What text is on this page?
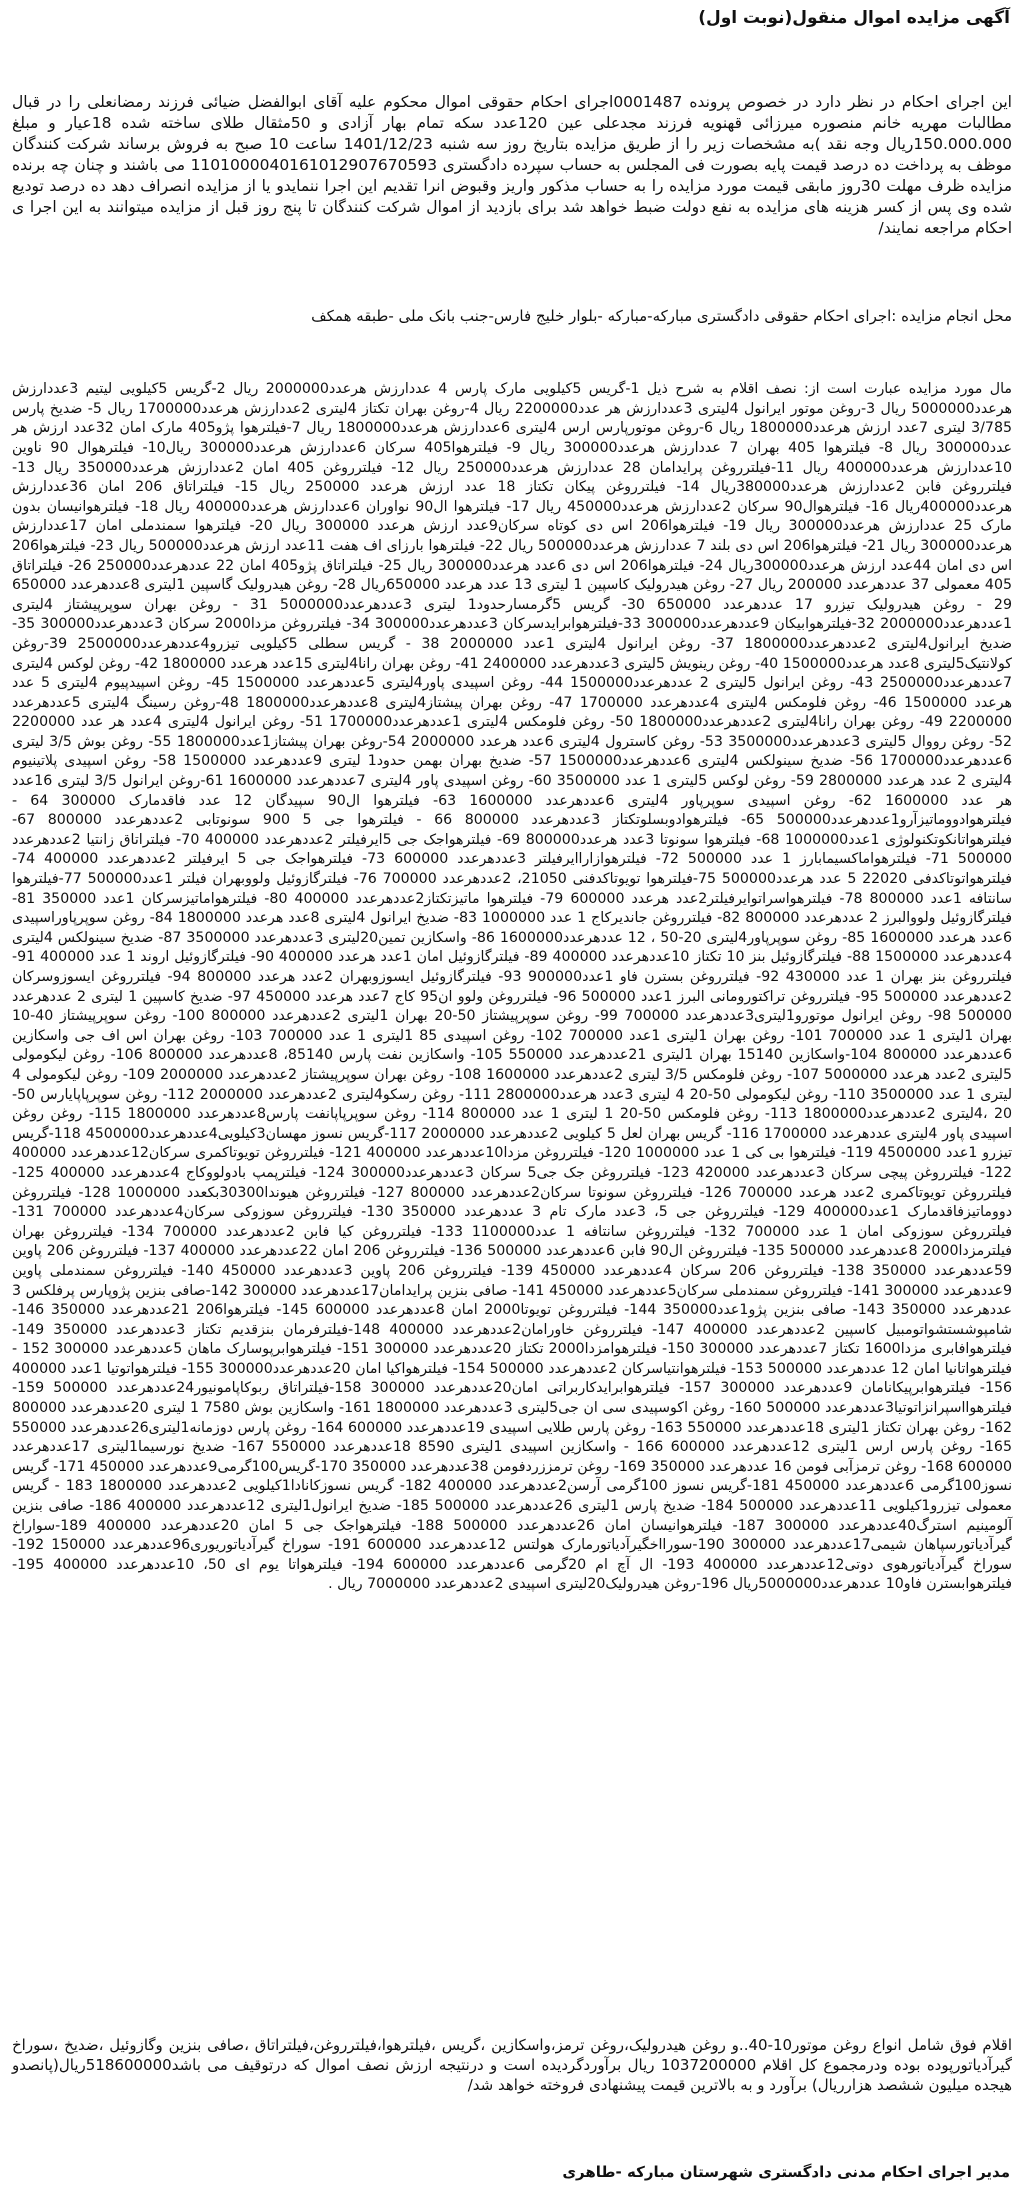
آگهی مزایده اموال منقول(نوبت اول)

این اجرای احکام در نظر دارد در خصوص پرونده 0001487اجرای احکام حقوقی اموال محکوم علیه آقای ابوالفضل ضیائی فرزند رمضانعلی را در قبال مطالبات مهریه خانم منصوره میرزائی قهنویه فرزند مجدعلی عین 120عدد سکه تمام بهار آزادی و 50مثقال طلای ساخته شده 18عیار و مبلغ 150.000.000ریال وجه نقد )به مشخصات زیر را از طریق مزایده بتاریخ روز سه شنبه 1401/12/23 ساعت 10 صبح به فروش برساند شرکت کنندگان موظف به پرداخت ده درصد قیمت پایه بصورت فی المجلس به حساب سپرده دادگستری 1101000040161012907670593 می باشند و چنان چه برنده مزایده ظرف مهلت 30روز مابقی قیمت مورد مزایده را به حساب مذکور واریز وقبوض انرا تقدیم این اجرا ننمایدو یا از مزایده انصراف دهد ده درصد تودیع شده وی پس از کسر هزینه های مزایده به نفع دولت ضبط خواهد شد برای بازدید از اموال شرکت کنندگان تا پنج روز قبل از مزایده میتوانند به این اجرا ی احکام مراجعه نمایند/

محل انجام مزایده :اجرای احکام حقوقی دادگستری مبارکه-مبارکه -بلوار خلیج فارس-جنب بانک ملی -طبقه همکف

مال مورد مزایده عبارت است از: نصف اقلام به شرح ذیل 1-گریس 5کیلویی مارک پارس 4 عددارزش هرعدد2000000 ریال 2-گریس 5کیلویی لیتیم 3عددارزش هرعدد5000000 ریال 3-روغن موتور ایرانول 4لیتری 3عددارزش هر عدد2200000 ریال 4-روغن بهران تکتاز 4لیتری 2عددارزش هرعدد1700000 ریال 5- ضدیخ پارس 3/785 لیتری 7عدد ارزش هرعدد1800000 ریال 6-روغن موتورپارس ارس 4لیتری 6عددارزش هرعدد1800000 ریال 7-فیلترهوا پژو405 مارک امان 32عدد ارزش هر عدد300000 ریال 8- فیلترهوا 405 بهران 7 عددارزش هرعدد300000 ریال 9- فیلترهوا405 سرکان 6عددارزش هرعدد300000 ریال10- فیلترهوال 90 ناوین 10عددارزش هرعدد400000 ریال 11-فیلترروغن پرایدامان 28 عددارزش هرعدد250000 ریال 12- فیلترروغن 405 امان 2عددارزش هرعدد350000 ریال 13- فیلترروغن فابن 2عددارزش هرعدد380000ریال 14- فیلترروغن پیکان تکتاز 18 عدد ارزش هرعدد 250000 ریال 15- فیلتراتاق 206 امان 36عددارزش هرعدد400000ریال 16- فیلترهوال90 سرکان 2عددارزش هرعدد450000 ریال 17- فیلترهوا ال90 نواوران 6عددارزش هرعدد400000 ریال 18- فیلترهوانیسان بدون مارک 25 عددارزش هرعدد300000 ریال 19- فیلترهوا206 اس دی کوتاه سرکان9عدد ارزش هرعدد 300000 ریال 20- فیلترهوا سمندملی امان 17عددارزش هرعدد300000 ریال 21- فیلترهوا206 اس دی بلند 7 عددارزش هرعدد500000 ریال 22- فیلترهوا بارزای اف هفت 11عدد ارزش هرعدد500000 ریال 23- فیلترهوا206 اس دی امان 44عدد ارزش هرعدد300000ریال 24- فیلترهوا206 اس دی 6عدد هرعدد300000 ریال 25- فیلتراتاق پژو405 امان 22 عددهرعدد250000 26- فیلتراتاق 405 معمولی 37 عددهرعدد 200000 ریال 27- روغن هیدرولیک کاسپین 1 لیتری 13 عدد هرعدد 650000ریال 28- روغن هیدرولیک گاسپین 1لیتری 8عددهرعدد 650000 29 - روغن هیدرولیک تیزرو 17 عددهرعدد 650000 30- گریس 5گرمسارحدود1 لیتری 3عددهرعدد5000000 31 - روغن بهران سوپرپیشتاز 4لیتری 1عددهرعدد2000000 32-فیلترهوابیکان 9عددهرعدد300000 33-فیلترهوابرایدسرکان 3عددهرعدد300000 34- فیلترروغن مزدا2000 سرکان 3عددهرعدد300000 35- ضدیخ ایرانول4لیتری 2عددهرعدد1800000 37- روغن ایرانول 4لیتری 1عدد 2000000 38 - گریس سطلی 5کیلویی تیزرو4عددهرعدد2500000 39-روغن کولانتیک5لیتری 8عدد هرعدد1500000 40- روغن رینویش 5لیتری 3عددهرعدد 2400000 41- روغن بهران رانا4لیتری 15عدد هرعدد 1800000 42- روغن لوکس 4لیتری 7عددهرعدد2500000 43- روغن ایرانول 5لیتری 2 عددهرعدد1500000 44- روغن اسپیدی پاور4لیتری 5عددهرعدد 1500000 45- روغن اسپیدپیوم 4لیتری 5 عدد هرعدد 1500000 46- روغن فلومکس 4لیتری 4عددهرعدد 1700000 47- روغن بهران پیشتاز4لیتری 8عددهرعدد1800000 48-روغن رسینگ 4لیتری 5عددهرعدد 2200000 49- روغن بهران رانا4لیتری 2عددهرعدد1800000 50- روغن فلومکس 4لیتری 1عددهرعدد1700000 51- روغن ایرانول 4لیتری 4عدد هر عدد 2200000 52- روغن رووال 5لیتری 3عددهرعدد3500000 53- روغن کاسترول 4لیتری 6عدد هرعدد 2000000 54-روغن بهران پیشتاز1عدد1800000 55- روغن بوش 3/5 لیتری 6عددهرعدد1700000 56- ضدیخ سینولکس 4لیتری 6عددهرعدد1500000 57- ضدیخ بهران بهمن حدود1 لیتری 9عددهرعدد 1500000 58- روغن اسپیدی پلاتینیوم 4لیتری 2 عدد هرعدد 2800000 59- روغن لوکس 5لیتری 1 عدد 3500000 60- روغن اسپیدی پاور 4لیتری 7عددهرعدد 1600000 61-روغن ایرانول 3/5 لیتری 16عدد هر عدد 1600000 62- روغن اسپیدی سوپرپاور 4لیتری 6عددهرعدد 1600000 63- فیلترهوا ال90 سپیدگان 12 عدد فاقدمارک 300000 64 - فیلترهوادووماتیزآرو1عددهرعدد500000 65- فیلترهوادوبسلوتکتاز 3عددهرعدد 800000 66 - فیلترهوا جی 5 900 سونوتابی 2عددهرعدد 800000 67- فیلترهواتانکوتکنولوژی 1عدد1000000 68- فیلترهوا سونوتا 3عدد هرعدد800000 69- فیلترهواجک جی 5ایرفیلتر 2عددهرعدد 400000 70- فیلتراتاق زانتیا 2عددهرعدد 500000 71- فیلترهواماکسیمابارز 1 عدد 500000 72- فیلترهوازاراایرفیلتر 3عددهرعدد 600000 73- فیلترهواجک جی 5 ایرفیلتر 2عددهرعدد 400000 74- فیلترهواتوتاکدفی 22020 5 عدد هرعدد500000 75-فیلترهوا تویوتاکدفنی 21050، 2عددهرعدد 700000 76- فیلترگازوئیل ولووبهران فیلتر 1عدد500000 77-فیلترهوا سانتافه 1عدد 800000 78- فیلترهواسراتوایرفیلتر2عدد هرعدد 600000 79- فیلترهوا ماتیزتکتاز2عددهرعدد 400000 80- فیلترهواماتیزسرکان 1عدد 350000 81- فیلترگازوئیل ولووالبرز 2 عددهرعدد 800000 82- فیلترروغن جاندیرکاج 1 عدد 1000000 83- ضدیخ ایرانول 4لیتری 8عدد هرعدد 1800000 84- روغن سوپرپاوراسپیدی 6عدد هرعدد 1600000 85- روغن سوپرپاور4لیتری 20-50 ، 12 عددهرعدد1600000 86- واسکازین تمین20لیتری 3عددهرعدد 3500000 87- ضدیخ سینولکس 4لیتری 4عددهرعدد 1500000 88- فیلترگازوئیل بنز 10 تکتاز 10عددهرعدد 400000 89- فیلترگازوئیل امان 1عدد هرعدد 400000 90- فیلترگازوئیل اروند 1 عدد 400000 91- فیلترروغن بنز بهران 1 عدد 430000 92- فیلترروغن بسترن فاو 1عدد900000 93- فیلترگازوئیل ایسوزوبهران 2عدد هرعدد 800000 94- فیلترروغن ایسوزوسرکان 2عددهرعدد 500000 95- فیلترروغن تراکتورومانی البرز 1عدد 500000 96- فیلترروغن ولوو ان95 کاج 7عدد هرعدد 450000 97- ضدیخ کاسپین 1 لیتری 2 عددهرعدد 500000 98- روغن ایرانول موتورو1لیتری3عددهرعدد 700000 99- روغن سوپرپیشتاز 50-20 بهران 1لیتری 2عددهرعدد 800000 100- روغن سوپرپیشتاز 40-10 بهران 1لیتری 1 عدد 700000 101- روغن بهران 1لیتری 1عدد 700000 102- روغن اسپیدی 85 1لیتری 1 عدد 700000 103- روغن بهران اس اف جی واسکازین 6عددهرعدد 800000 104-واسکازین 15140 بهران 1لیتری 21عددهرعدد 550000 105- واسکازین نفت پارس 85140، 8عددهرعدد 800000 106- روغن لیکومولی 5لیتری 2عدد هرعدد 5000000 107- روغن فلومکس 3/5 لیتری 2عددهرعدد 1600000 108- روغن بهران سوپرپیشتاز 2عددهرعدد 2000000 109- روغن لیکومولی 4 لیتری 1 عدد 3500000 110- روغن لیکومولی 50-20 4 لیتری 3عدد هرعدد2800000 111- روغن رسکو4لیتری 2عددهرعدد 2000000 112- روغن سوپرپاپایارس 50-20 ،4لیتری 2عددهرعدد1800000 113- روغن فلومکس 50-20 1 لیتری 1 عدد 800000 114- روغن سوپرپاپانفت پارس8عددهرعدد 1800000 115- روغن روغن اسپیدی پاور 4لیتری عددهرعدد 1700000 116- گریس بهران لعل 5 کیلویی 2عددهرعدد 2000000 117-گریس نسوز مهسان3کیلویی4عددهرعدد4500000 118-گریس تیزرو 1عدد 4500000 119- فیلترهوا بی کی 1 عدد 1000000 120- فیلترروغن مزدا10عددهرعدد 400000 121- فیلترروغن تویوتاکمری سرکان12عددهرعدد 400000 122- فیلترروغن پیچی سرکان 3عددهرعدد 420000 123- فیلترروغن جک جی5 سرکان 3عددهرعدد300000 124- فیلترپمپ بادولووکاج 4عددهرعدد 400000 125- فیلترروغن تویوتاکمری 2عدد هرعدد 700000 126- فیلترروغن سونوتا سرکان2عددهرعدد 800000 127- فیلترروغن هیوندا30300بکعدد 1000000 128- فیلترروغن دووماتیزفاقدمارک 1عدد400000 129- فیلترروغن جی 5، 3عدد مارک تام 3 عددهرعدد 350000 130- فیلترروغن سوزوکی سرکان4عددهرعدد 700000 131- فیلترروغن سوزوکی امان 1 عدد 700000 132- فیلترروغن سانتافه 1 عدد1100000 133- فیلترروغن کیا فابن 2عددهرعدد 700000 134- فیلترروغن بهران فیلترمزدا2000 8عددهرعدد 500000 135- فیلترروغن ال90 فابن 6عددهرعدد 500000 136- فیلترروغن 206 امان 22عددهرعدد 400000 137- فیلترروغن 206 پاوین 59عددهرعدد 350000 138- فیلترروغن 206 سرکان 4عددهرعدد 450000 139- فیلترروغن 206 پاوین 3عددهرعدد 450000 140- فیلترروغن سمندملی پاوین 9عددهرعدد 300000 141- فیلترروغن سمندملی سرکان5عددهرعدد 450000 141- صافی بنزین پرایدامان17عددهرعدد 300000 142-صافی بنزین پژوپارس پرفلکس 3 عددهرعدد 350000 143- صافی بنزین پژو1عدد350000 144- فیلترروغن تویوتا2000 امان 8عددهرعدد 600000 145- فیلترهوا206 21عددهرعدد 350000 146-شامپوشستشواتومبیل کاسپین 2عددهرعدد 400000 147- فیلترروغن خاورامان2عددهرعدد 400000 148-فیلترفرمان بنزقدیم تکتاز 3عددهرعدد 350000 149- فیلترهوافابری مزدا1600 تکتاز 7عددهرعدد 300000 150- فیلترهوامزدا2000 تکتاز 20عددهرعدد 300000 151- فیلترهوابرپوسارک ماهان 5عددهرعدد 300000 152 - فیلترهواتانیا امان 12 عددهرعدد 500000 153- فیلترهوانتیاسرکان 2عددهرعدد 500000 154- فیلترهواکیا امان 20عددهرعدد300000 155- فیلترهواتوتیا 1عدد 400000 156- فیلترهوابرپیکانامان 9عددهرعدد 300000 157- فیلترهوابرایدکاربراتی امان20عددهرعدد 300000 158-فیلتراتاق ربوکاپامونیور24عددهرعدد 500000 159- فیلترهوااسپرانزاتوتیا3عددهرعدد 500000 160- روغن اکوسپیدی سی ان جی5لیتری 3عددهرعدد 1800000 161- واسکازین بوش 7580 1 لیتری 20عددهرعدد 800000 162- روغن بهران تکتاز 1لیتری 18عددهرعدد 550000 163- روغن پارس طلایی اسپیدی 19عددهرعدد 600000 164- روغن پارس دوزمانه1لیتری26عددهرعدد 550000 165- روغن پارس ارس 1لیتری 12عددهرعدد 600000 166 - واسکازین اسپیدی 1لیتری 8590 18عددهرعدد 550000 167- ضدیخ نورسیما1لیتری 17عددهرعدد 600000 168- روغن ترمزآبی فومن 16 عددهرعدد 350000 169- روغن ترمززردفومن 38عددهرعدد 350000 170-گریس100گرمی9عددهرعدد 450000 171- گریس نسوز100گرمی 6عددهرعدد 450000 181-گریس نسوز 100گرمی آرسن2عددهرعدد 400000 182- گریس نسوزکانادا1کیلویی 2عددهرعدد 1800000 183 - گریس معمولی تیزرو1کیلویی 11عددهرعدد 500000 184- ضدیخ پارس 1لیتری 26عددهرعدد 500000 185- ضدیخ ایرانول1لیتری 12عددهرعدد 400000 186- صافی بنزین آلومینیم استرگ40عددهرعدد 300000 187- فیلترهوانیسان امان 26عددهرعدد 500000 188- فیلترهواجک جی 5 امان 20عددهرعدد 400000 189-سواراخ گیرآدیاتورسپاهان شیمی17عددهرعدد 300000 190-سورااخگیرآدیاتورمارک هولتس 12عددهرعدد 600000 191- سوراخ گیرآدیاتوریوری96عددهرعدد 150000 192- سوراخ گیرآدیاتورهوی دوتی12عددهرعدد 400000 193- ال آچ ام 20گرمی 6عددهرعدد 600000 194- فیلترهواتا یوم ای 50، 10عددهرعدد 400000 195- فیلترهوابسترن فاو10 عددهرعدد5000000ریال 196-روغن هیدرولیک20لیتری اسپیدی 2عددهرعدد 7000000 ریال .

اقلام فوق شامل انواع روغن موتور10-40..و روغن هیدرولیک،روغن ترمز،واسکازین ،گریس ،فیلترهوا،فیلترروغن،فیلتراتاق ،صافی بنزین وگازوئیل ،ضدیخ ،سوراخ گیرآدیاتورپوده بوده ودرمجموع کل اقلام 1037200000 ریال برآوردگردیده است و درنتیجه ارزش نصف اموال که درتوقیف می باشد518600000ریال(پانصدو هیجده میلیون ششصد هزارریال) برآورد و به بالاترین قیمت پیشنهادی فروخته خواهد شد/

مدیر اجرای احکام مدنی دادگستری شهرستان مبارکه -طاهری
